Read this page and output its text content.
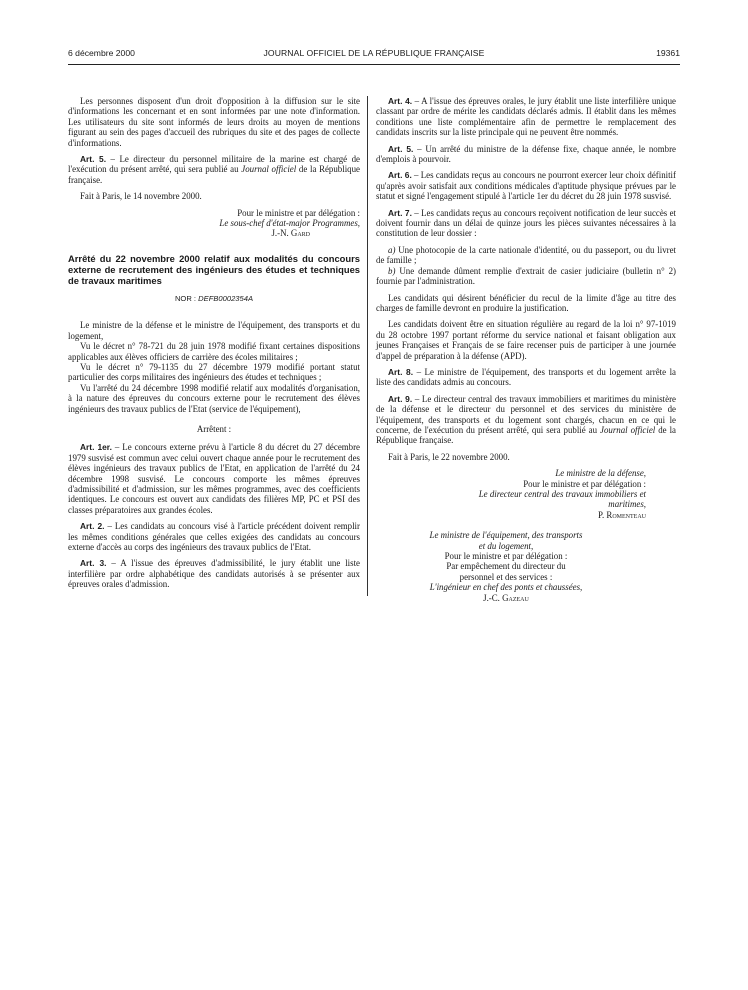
6 décembre 2000	JOURNAL OFFICIEL DE LA RÉPUBLIQUE FRANÇAISE	19361

Les personnes disposent d'un droit d'opposition à la diffusion sur le site d'informations les concernant et en sont informées par une note d'information. Les utilisateurs du site sont informés de leurs droits au moyen de mentions figurant au sein des pages d'accueil des rubriques du site et des pages de collecte d'informations.

Art. 5. – Le directeur du personnel militaire de la marine est chargé de l'exécution du présent arrêté, qui sera publié au Journal officiel de la République française.

Fait à Paris, le 14 novembre 2000.

Pour le ministre et par délégation :

Le sous-chef d'état-major Programmes,

J.-N. Gard

Arrêté du 22 novembre 2000 relatif aux modalités du concours externe de recrutement des ingénieurs des études et techniques de travaux maritimes
NOR : DEFB0002354A

Le ministre de la défense et le ministre de l'équipement, des transports et du logement,

Vu le décret n° 78-721 du 28 juin 1978 modifié fixant certaines dispositions applicables aux élèves officiers de carrière des écoles militaires ;

Vu le décret n° 79-1135 du 27 décembre 1979 modifié portant statut particulier des corps militaires des ingénieurs des études et techniques ;

Vu l'arrêté du 24 décembre 1998 modifié relatif aux modalités d'organisation, à la nature des épreuves du concours externe pour le recrutement des élèves ingénieurs des travaux publics de l'Etat (service de l'équipement),

Arrêtent :

Art. 1er. – Le concours externe prévu à l'article 8 du décret du 27 décembre 1979 susvisé est commun avec celui ouvert chaque année pour le recrutement des élèves ingénieurs des travaux publics de l'Etat, en application de l'arrêté du 24 décembre 1998 susvisé. Le concours comporte les mêmes épreuves d'admissibilité et d'admission, sur les mêmes programmes, avec des coefficients identiques. Le concours est ouvert aux candidats des filières MP, PC et PSI des classes préparatoires aux grandes écoles.

Art. 2. – Les candidats au concours visé à l'article précédent doivent remplir les mêmes conditions générales que celles exigées des candidats au concours externe d'accès au corps des ingénieurs des travaux publics de l'Etat.

Art. 3. – A l'issue des épreuves d'admissibilité, le jury établit une liste interfilière par ordre alphabétique des candidats autorisés à se présenter aux épreuves orales d'admission.

Art. 4. – A l'issue des épreuves orales, le jury établit une liste interfilière unique classant par ordre de mérite les candidats déclarés admis. Il établit dans les mêmes conditions une liste complémentaire afin de permettre le remplacement des candidats inscrits sur la liste principale qui ne peuvent être nommés.

Art. 5. – Un arrêté du ministre de la défense fixe, chaque année, le nombre d'emplois à pourvoir.

Art. 6. – Les candidats reçus au concours ne pourront exercer leur choix définitif qu'après avoir satisfait aux conditions médicales d'aptitude physique prévues par le statut et signé l'engagement stipulé à l'article 1er du décret du 28 juin 1978 susvisé.

Art. 7. – Les candidats reçus au concours reçoivent notification de leur succès et doivent fournir dans un délai de quinze jours les pièces suivantes nécessaires à la constitution de leur dossier :

a) Une photocopie de la carte nationale d'identité, ou du passeport, ou du livret de famille ;

b) Une demande dûment remplie d'extrait de casier judiciaire (bulletin n° 2) fournie par l'administration.

Les candidats qui désirent bénéficier du recul de la limite d'âge au titre des charges de famille devront en produire la justification.

Les candidats doivent être en situation régulière au regard de la loi n° 97-1019 du 28 octobre 1997 portant réforme du service national et faisant obligation aux jeunes Françaises et Français de se faire recenser puis de participer à une journée d'appel de préparation à la défense (APD).

Art. 8. – Le ministre de l'équipement, des transports et du logement arrête la liste des candidats admis au concours.

Art. 9. – Le directeur central des travaux immobiliers et maritimes du ministère de la défense et le directeur du personnel et des services du ministère de l'équipement, des transports et du logement sont chargés, chacun en ce qui le concerne, de l'exécution du présent arrêté, qui sera publié au Journal officiel de la République française.

Fait à Paris, le 22 novembre 2000.

Le ministre de la défense,

Pour le ministre et par délégation :

Le directeur central des travaux immobiliers et maritimes,

P. Romenteau

Le ministre de l'équipement, des transports et du logement,

Pour le ministre et par délégation :

Par empêchement du directeur du personnel et des services :

L'ingénieur en chef des ponts et chaussées,

J.-C. Gazeau
